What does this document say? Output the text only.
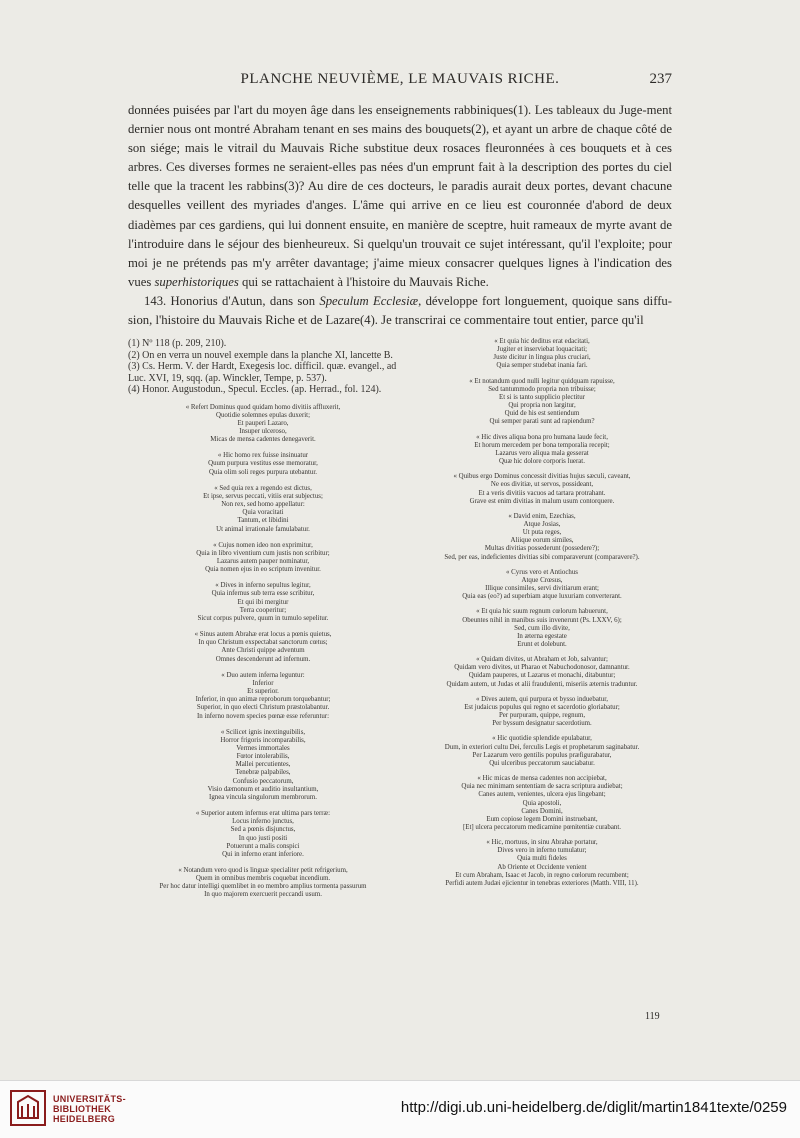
PLANCHE NEUVIÈME, LE MAUVAIS RICHE.	237

données puisées par l'art du moyen âge dans les enseignements rabbiniques(1). Les tableaux du Juge-ment dernier nous ont montré Abraham tenant en ses mains des bouquets(2), et ayant un arbre de chaque côté de son siége; mais le vitrail du Mauvais Riche substitue deux rosaces fleuronnées à ces bouquets et à ces arbres. Ces diverses formes ne seraient-elles pas nées d'un emprunt fait à la description des portes du ciel telle que la tracent les rabbins(3)? Au dire de ces docteurs, le paradis aurait deux portes, devant chacune desquelles veillent des myriades d'anges. L'âme qui arrive en ce lieu est couronnée d'abord de deux diadèmes par ces gardiens, qui lui donnent ensuite, en manière de sceptre, huit rameaux de myrte avant de l'introduire dans le séjour des bienheureux. Si quelqu'un trouvait ce sujet intéressant, qu'il l'exploite; pour moi je ne prétends pas m'y arrêter davantage; j'aime mieux consacrer quelques lignes à l'indication des vues superhistoriques qui se rattachaient à l'histoire du Mauvais Riche.

143. Honorius d'Autun, dans son Speculum Ecclesiæ, développe fort longuement, quoique sans diffu-sion, l'histoire du Mauvais Riche et de Lazare(4). Je transcrirai ce commentaire tout entier, parce qu'il

(1) Nº 118 (p. 209, 210).

(2) On en verra un nouvel exemple dans la planche XI, lancette B.

(3) Cs. Herm. V. der Hardt, Exegesis loc. difficil. quæ. evangel., ad Luc. XVI, 19, sqq. (ap. Winckler, Tempe, p. 537).

(4) Honor. Augustodun., Specul. Eccles. (ap. Herrad., fol. 124).

« Refert Dominus quod quidam homo divitiis affluxerit,
Quotidie solemnes epulas duxerit;
Et pauperi Lazaro,
Insuper ulceroso,
Micas de mensa cadentes denegaverit.
« Hic homo rex fuisse insinuatur
Quum purpura vestitus esse memoratur,
Quia olim soli reges purpura utebantur.
« Sed quia rex a regendo est dictus,
Et ipse, servus peccati, vitiis erat subjectus;
Non rex, sed homo appellatur:
Quia voracitati
Tantum, et libidini
Ut animal irrationale famulabatur.
« Cujus nomen ideo non exprimitur,
Quia in libro viventium cum justis non scribitur;
Lazarus autem pauper nominatur,
Quia nomen ejus in eo scriptum invenitur.
« Dives in inferno sepultus legitur,
Quia infernus sub terra esse scribitur,
Et qui ibi mergitur
Terra cooperitur;
Sicut corpus pulvere, quum in tumulo sepelitur.
« Sinus autem Abrahæ erat locus a pœnis quietus,
In quo Christum exspectabat sanctorum cœtus;
Ante Christi quippe adventum
Omnes descenderunt ad infernum.
« Duo autem inferna leguntur:
Inferior
Et superior.
Inferior, in quo animæ reproborum torquebantur;
Superior, in quo electi Christum præstolabantur.
In inferno novem species pœnæ esse referuntur:
« Scilicet ignis inextinguibilis,
Horror frigoris incomparabilis,
Vermes immortales
Fœtor intolerabilis,
Mallei percutientes,
Tenebræ palpabiles,
Confusio peccatorum,
Visio dæmonum et auditio insultantium,
Ignea vincula singulorum membrorum.
« Superior autem infernus erat ultima pars terræ:
Locus inferno junctus,
Sed a pœnis disjunctus,
In quo justi positi
Potuerunt a malis conspici
Qui in inferno erant inferiore.
« Notandum vero quod is linguæ specialiter petit refrigerium,
Quem in omnibus membris coquebat incendium.
Per hoc datur intelligi quemlibet in eo membro amplius tormenta passurum
In quo majorem exercuerit peccandi usum.
« Et quia hic deditus erat edacitati,
Jugiter et inserviebat loquacitati;
Juste dicitur in lingua plus cruciari,
Quia semper studebat inania fari.
« Et notandum quod nulli legitur quidquam rapuisse,
Sed tantummodo propria non tribuisse;
Et si is tanto supplicio plectitur
Qui propria non largitur,
Quid de his est sentiendum
Qui semper parati sunt ad rapiendum?
« Hic dives aliqua bona pro humana laude fecit,
Et horum mercedem per bona temporalia recepit;
Lazarus vero aliqua mala gesserat
Quæ hic dolore corporis luerat.
« Quibus ergo Dominus concessit divitias hujus sæculi, caveant,
Ne eos divitiæ, ut servos, possideant,
Et a veris divitiis vacuos ad tartara protrahant.
Grave est enim divitias in malum usum contorquere.
« David enim, Ezechias,
Atque Josias,
Ut puta reges,
Aliique eorum similes,
Multas divitias possederunt (possedere?);
Sed, per eas, indeficientes divitias sibi comparaverunt (comparavere?).
« Cyrus vero et Antiochus
Atque Crœsus,
Illique consimiles, servi divitiarum erant;
Quia eas (eo?) ad superbiam atque luxuriam converterant.
« Et quia hic suum regnum cœlorum habuerunt,
Obeuntes nihil in manibus suis invenerunt (Ps. LXXV, 6);
Sed, cum illo divite,
In æterna egestate
Erunt et dolebunt.
« Quidam divites, ut Abraham et Job, salvantur;
Quidam vero divites, ut Pharao et Nabuchodonosor, damnantur.
Quidam pauperes, ut Lazarus et monachi, ditabuntur;
Quidam autem, ut Judas et alii fraudulenti, miseriis æternis traduntur.
« Dives autem, qui purpura et bysso induebatur,
Est judaicus populus qui regno et sacerdotio gloriabatur;
Per purpuram, quippe, regnum,
Per byssum designatur sacerdotium.
« Hic quotidie splendide epulabatur,
Dum, in exteriori cultu Dei, ferculis Legis et prophetarum saginabatur.
Per Lazarum vero gentilis populus præfigurabatur,
Qui ulceribus peccatorum sauciabatur.
« Hic micas de mensa cadentes non accipiebat,
Quia nec minimam sententiam de sacra scriptura audiebat;
Canes autem, venientes, ulcera ejus lingebant;
Quia apostoli,
Canes Domini,
Eum copiose legem Domini instruebant,
[Et] ulcera peccatorum medicamine pœnitentiæ curabant.
« Hic, mortuus, in sinu Abrahæ portatur,
Dives vero in inferno tumulatur;
Quia multi fideles
Ab Oriente et Occidente venient
Et cum Abraham, Isaac et Jacob, in regno cœlorum recumbent;
Perfidi autem Judæi ejicientur in tenebras exteriores (Matth. VIII, 11).
119
UNIVERSITÄTS-
BIBLIOTHEK
HEIDELBERG
http://digi.ub.uni-heidelberg.de/diglit/martin1841texte/0259
